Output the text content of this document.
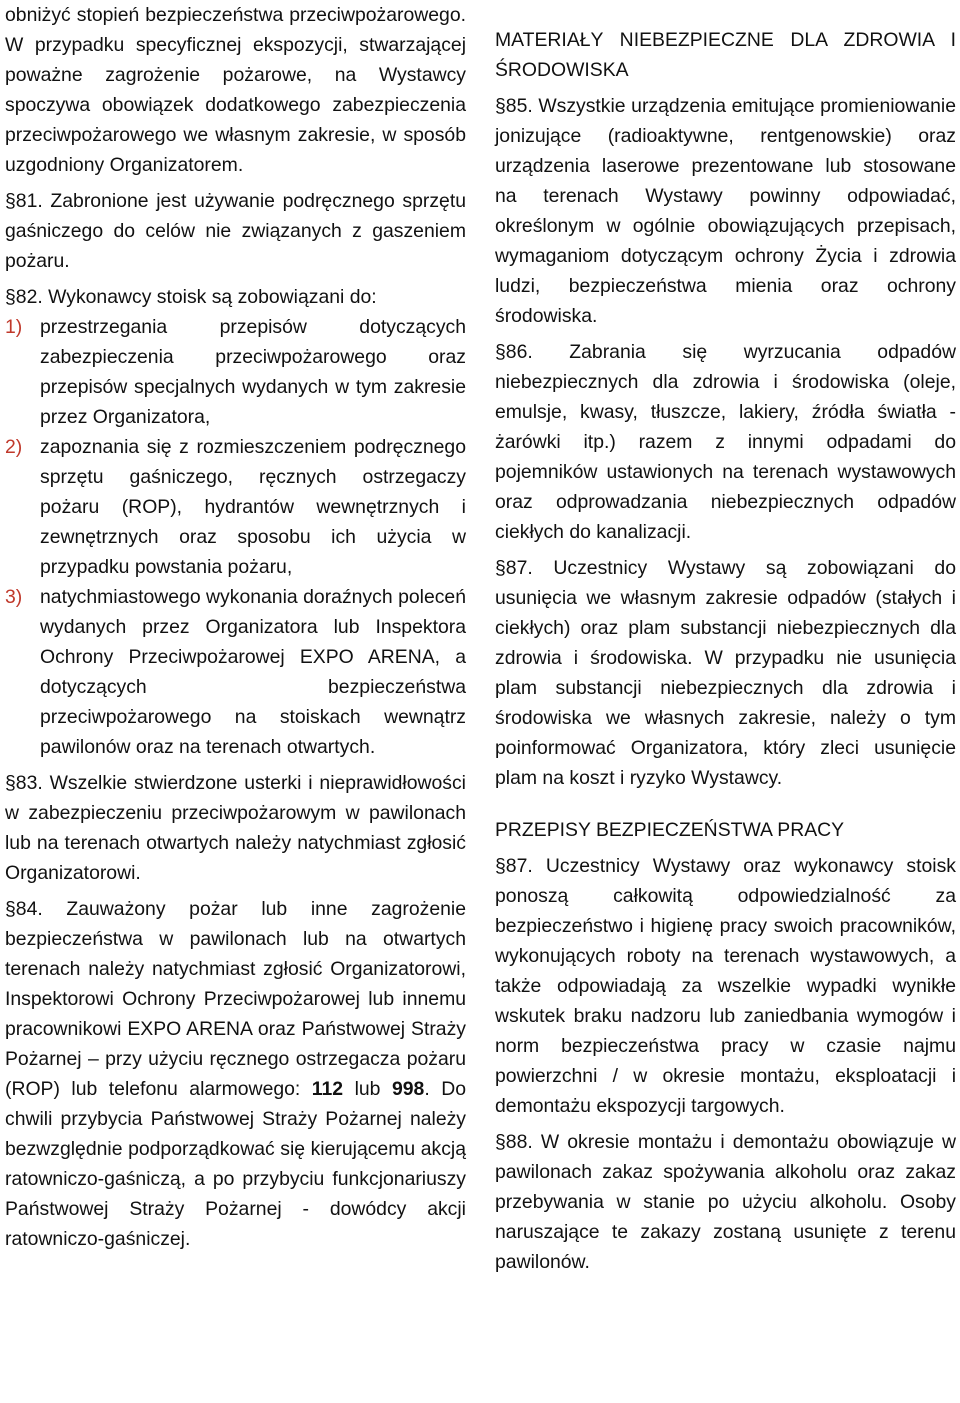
obniżyć stopień bezpieczeństwa przeciwpożarowego. W przypadku specyficznej ekspozycji, stwarzającej poważne zagrożenie pożarowe, na Wystawcy spoczywa obowiązek dodatkowego zabezpieczenia przeciwpożarowego we własnym zakresie, w sposób uzgodniony Organizatorem.

§81. Zabronione jest używanie podręcznego sprzętu gaśniczego do celów nie związanych z gaszeniem pożaru.

§82. Wykonawcy stoisk są zobowiązani do:

1) przestrzegania przepisów dotyczących zabezpieczenia przeciwpożarowego oraz przepisów specjalnych wydanych w tym zakresie przez Organizatora,
2) zapoznania się z rozmieszczeniem podręcznego sprzętu gaśniczego, ręcznych ostrzegaczy pożaru (ROP), hydrantów wewnętrznych i zewnętrznych oraz sposobu ich użycia w przypadku powstania pożaru,
3) natychmiastowego wykonania doraźnych poleceń wydanych przez Organizatora lub Inspektora Ochrony Przeciwpożarowej EXPO ARENA, a dotyczących bezpieczeństwa przeciwpożarowego na stoiskach wewnątrz pawilonów oraz na terenach otwartych.

§83. Wszelkie stwierdzone usterki i nieprawidłowości w zabezpieczeniu przeciwpożarowym w pawilonach lub na terenach otwartych należy natychmiast zgłosić Organizatorowi.

§84. Zauważony pożar lub inne zagrożenie bezpieczeństwa w pawilonach lub na otwartych terenach należy natychmiast zgłosić Organizatorowi, Inspektorowi Ochrony Przeciwpożarowej lub innemu pracownikowi EXPO ARENA oraz Państwowej Straży Pożarnej – przy użyciu ręcznego ostrzegacza pożaru (ROP) lub telefonu alarmowego: 112 lub 998. Do chwili przybycia Państwowej Straży Pożarnej należy bezwzględnie podporządkować się kierującemu akcją ratowniczo-gaśniczą, a po przybyciu funkcjonariuszy Państwowej Straży Pożarnej - dowódcy akcji ratowniczo-gaśniczej.

MATERIAŁY NIEBEZPIECZNE DLA ZDROWIA I ŚRODOWISKA

§85. Wszystkie urządzenia emitujące promieniowanie jonizujące (radioaktywne, rentgenowskie) oraz urządzenia laserowe prezentowane lub stosowane na terenach Wystawy powinny odpowiadać, określonym w ogólnie obowiązujących przepisach, wymaganiom dotyczącym ochrony Życia i zdrowia ludzi, bezpieczeństwa mienia oraz ochrony środowiska.

§86. Zabrania się wyrzucania odpadów niebezpiecznych dla zdrowia i środowiska (oleje, emulsje, kwasy, tłuszcze, lakiery, źródła światła - żarówki itp.) razem z innymi odpadami do pojemników ustawionych na terenach wystawowych oraz odprowadzania niebezpiecznych odpadów ciekłych do kanalizacji.

§87. Uczestnicy Wystawy są zobowiązani do usunięcia we własnym zakresie odpadów (stałych i ciekłych) oraz plam substancji niebezpiecznych dla zdrowia i środowiska. W przypadku nie usunięcia plam substancji niebezpiecznych dla zdrowia i środowiska we własnych zakresie, należy o tym poinformować Organizatora, który zleci usunięcie plam na koszt i ryzyko Wystawcy.

PRZEPISY BEZPIECZEŃSTWA PRACY

§87. Uczestnicy Wystawy oraz wykonawcy stoisk ponoszą całkowitą odpowiedzialność za bezpieczeństwo i higienę pracy swoich pracowników, wykonujących roboty na terenach wystawowych, a także odpowiadają za wszelkie wypadki wynikłe wskutek braku nadzoru lub zaniedbania wymogów i norm bezpieczeństwa pracy w czasie najmu powierzchni / w okresie montażu, eksploatacji i demontażu ekspozycji targowych.

§88. W okresie montażu i demontażu obowiązuje w pawilonach zakaz spożywania alkoholu oraz zakaz przebywania w stanie po użyciu alkoholu. Osoby naruszające te zakazy zostaną usunięte z terenu pawilonów.
